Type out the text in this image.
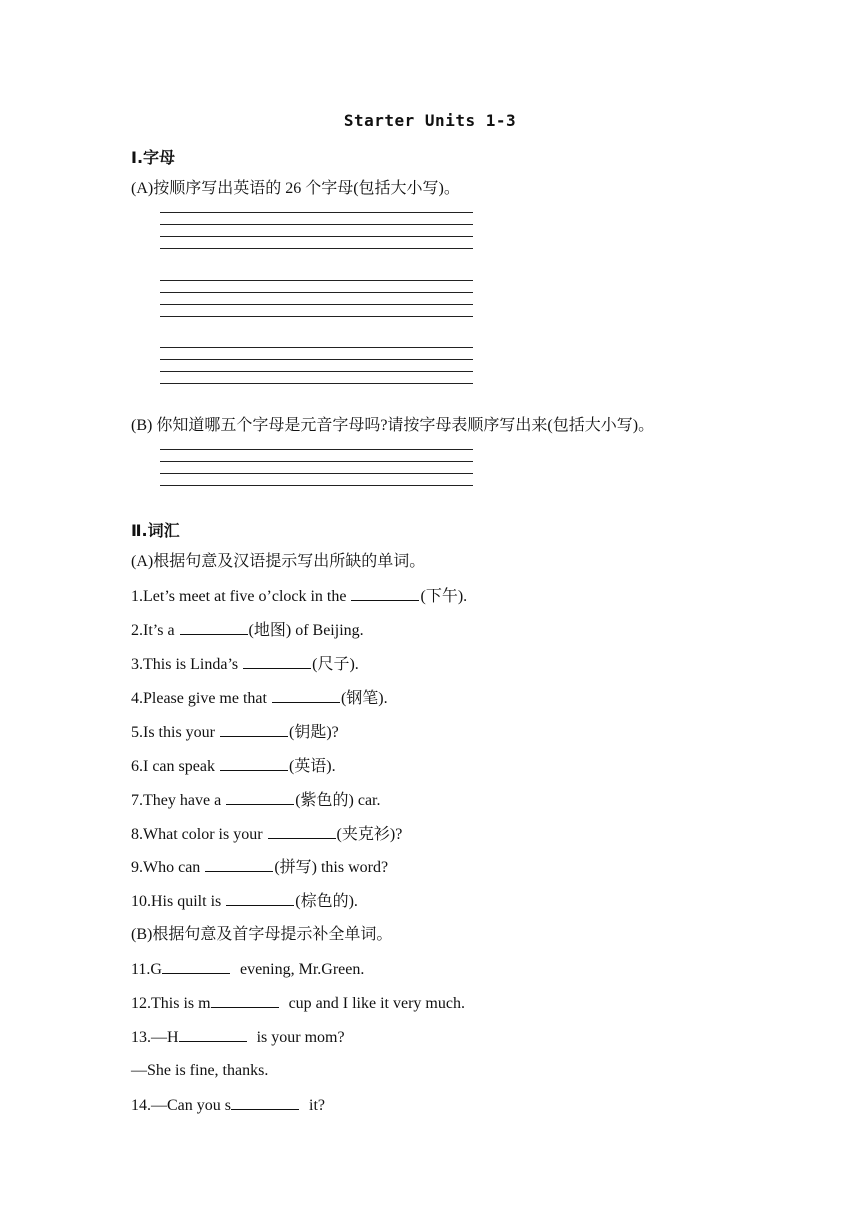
Starter Units 1-3
Ⅰ.字母
(A)按顺序写出英语的 26 个字母(包括大小写)。
(B) 你知道哪五个字母是元音字母吗?请按字母表顺序写出来(包括大小写)。
Ⅱ.词汇
(A)根据句意及汉语提示写出所缺的单词。
1.Let’s meet at five o’clock in the	(下午).
2.It’s a	(地图) of Beijing.
3.This is Linda’s	(尺子).
4.Please give me that	(钢笔).
5.Is this your	(钥匙)?
6.I can speak	(英语).
7.They have a	(紫色的) car.
8.What color is your	(夹克衫)?
9.Who can	(拼写) this word?
10.His quilt is	(棕色的).
(B)根据句意及首字母提示补全单词。
11.G	evening, Mr.Green.
12.This is m	cup and I like it very much.
13.—H	is your mom?
—She is fine, thanks.
14.—Can you s	it?
